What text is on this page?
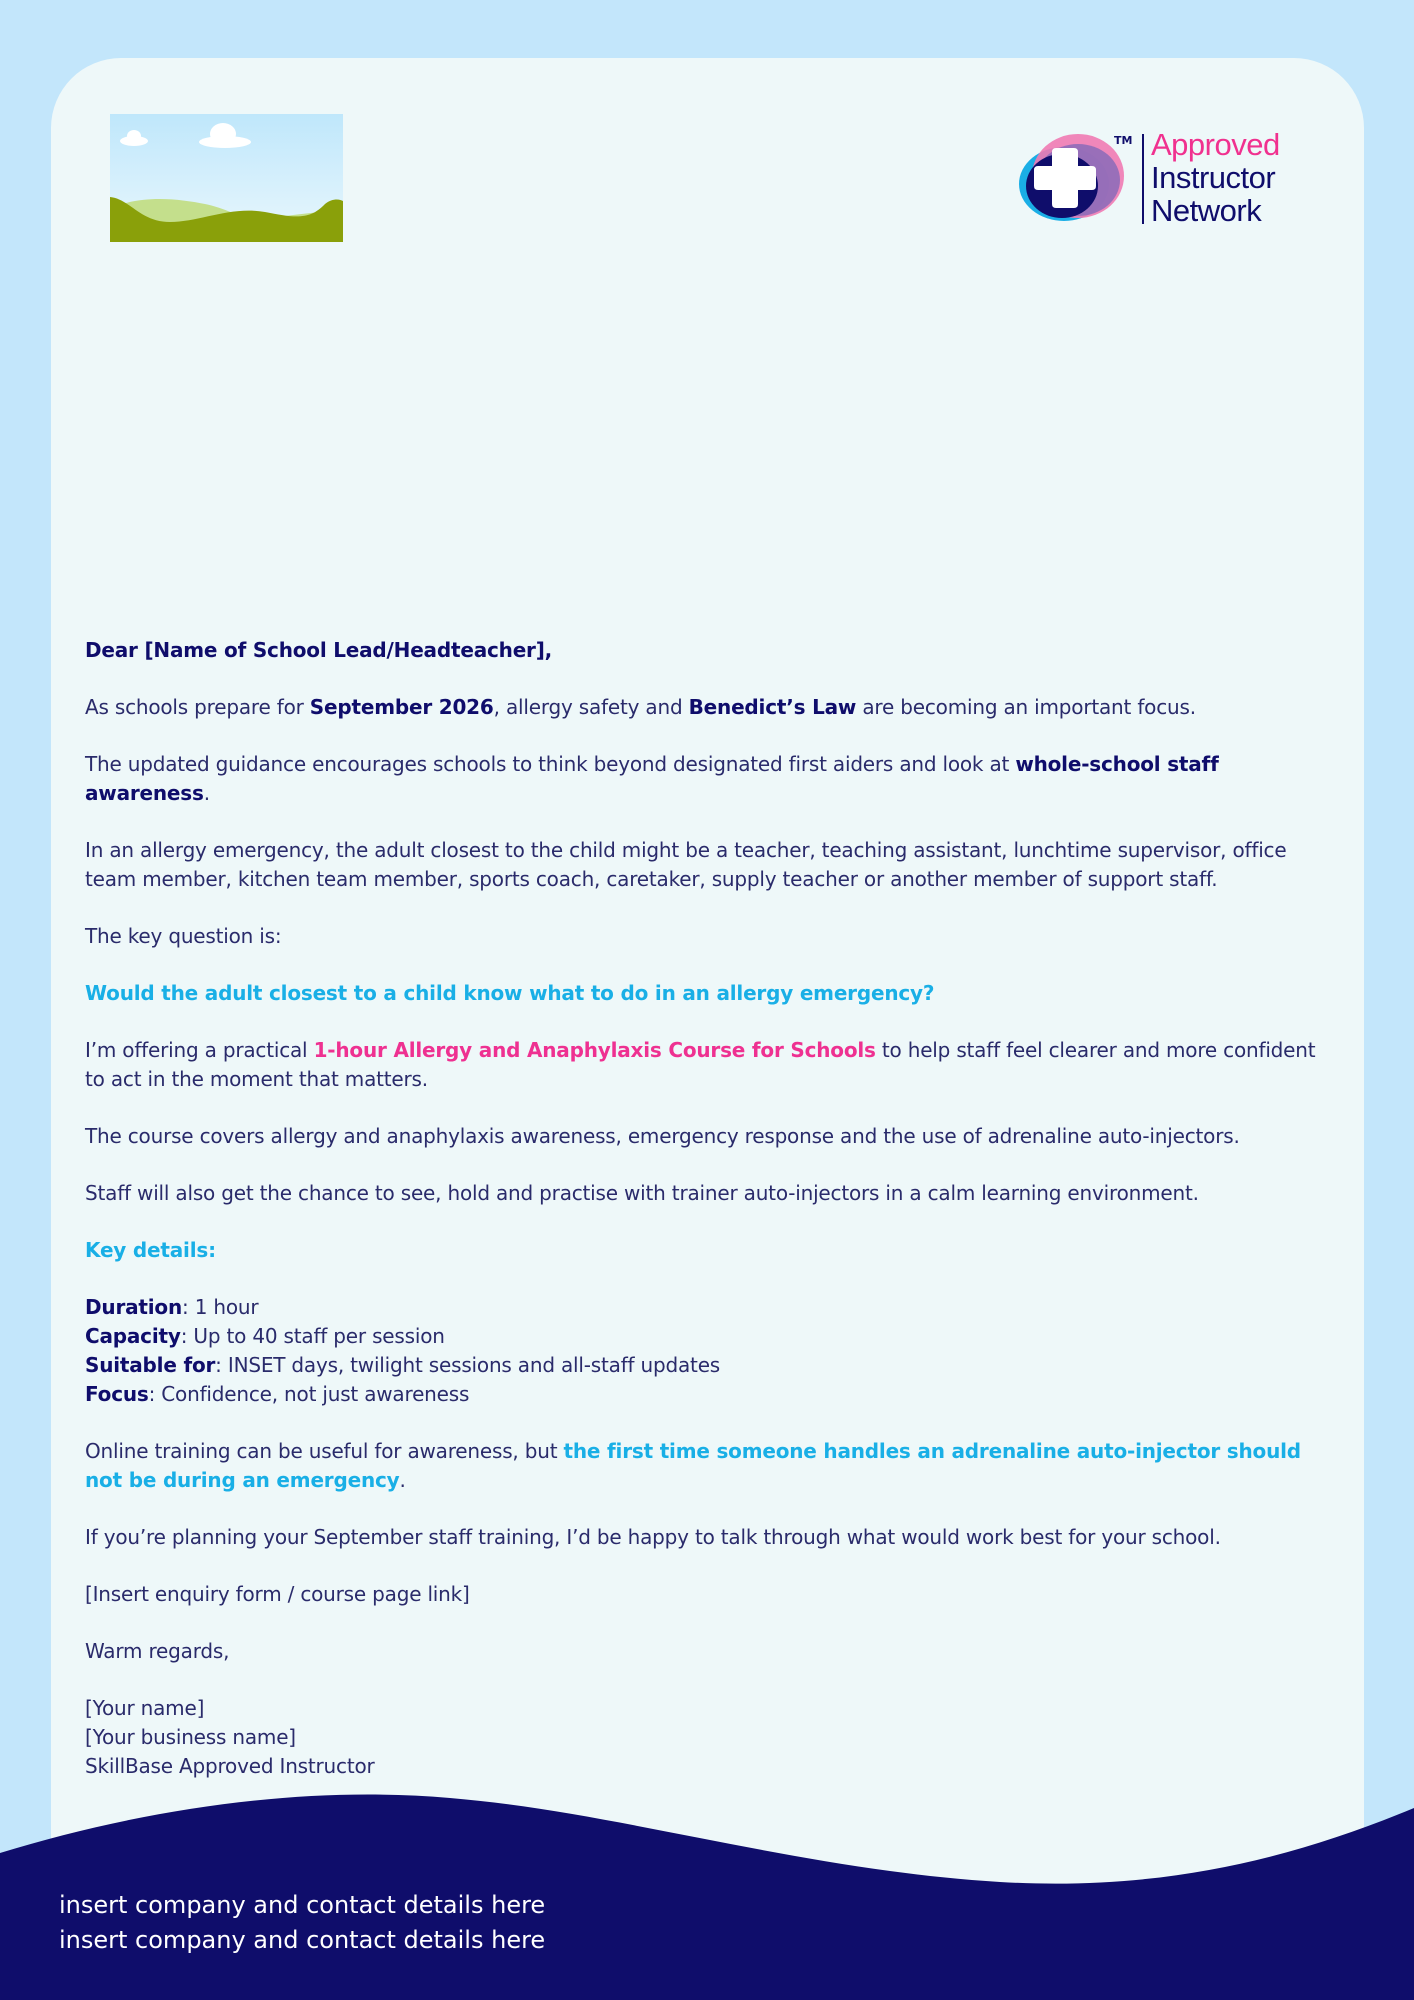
TM Approved
Instructor
Network

Dear [Name of School Lead/Headteacher],

As schools prepare for September 2026, allergy safety and Benedict’s Law are becoming an important focus.

The updated guidance encourages schools to think beyond designated first aiders and look at whole-school staff awareness.

In an allergy emergency, the adult closest to the child might be a teacher, teaching assistant, lunchtime supervisor, office team member, kitchen team member, sports coach, caretaker, supply teacher or another member of support staff.

The key question is:

Would the adult closest to a child know what to do in an allergy emergency?

I’m offering a practical 1-hour Allergy and Anaphylaxis Course for Schools to help staff feel clearer and more confident to act in the moment that matters.

The course covers allergy and anaphylaxis awareness, emergency response and the use of adrenaline auto-injectors.

Staff will also get the chance to see, hold and practise with trainer auto-injectors in a calm learning environment.

Key details:

Duration: 1 hour
Capacity: Up to 40 staff per session
Suitable for: INSET days, twilight sessions and all-staff updates
Focus: Confidence, not just awareness

Online training can be useful for awareness, but the first time someone handles an adrenaline auto-injector should not be during an emergency.

If you’re planning your September staff training, I’d be happy to talk through what would work best for your school.

[Insert enquiry form / course page link]

Warm regards,

[Your name]
[Your business name]
SkillBase Approved Instructor
insert company and contact details here
insert company and contact details here
